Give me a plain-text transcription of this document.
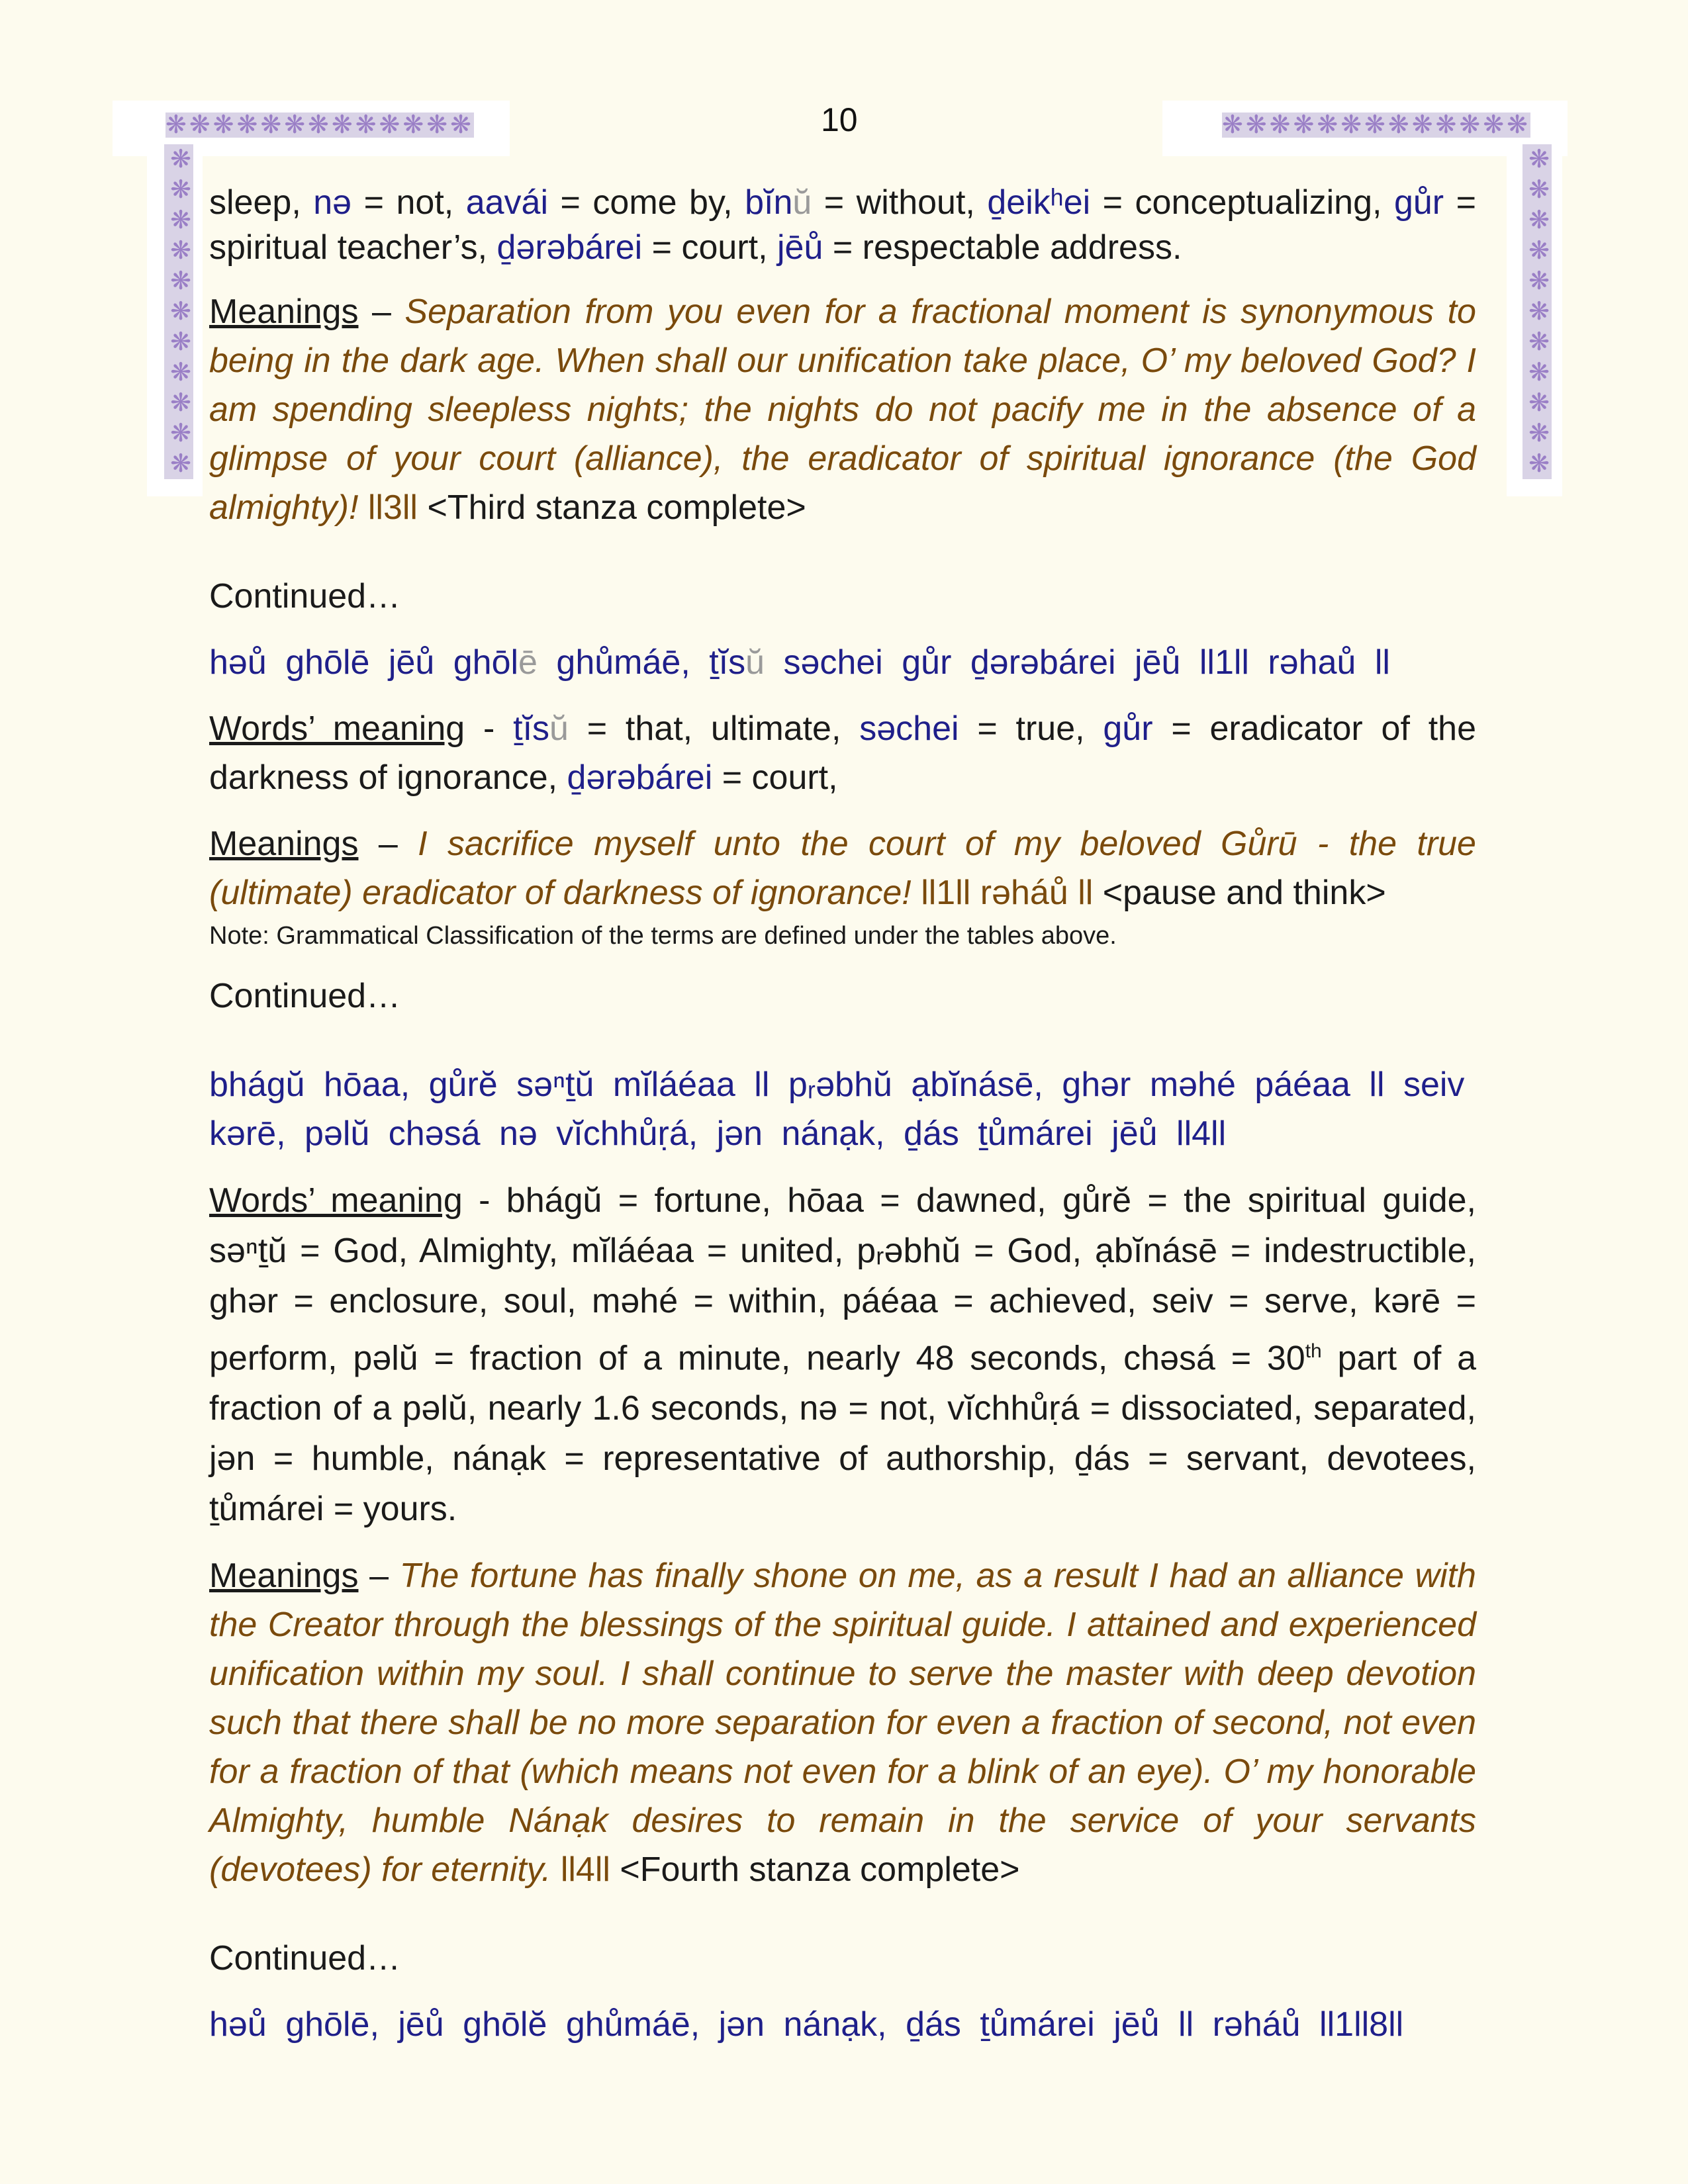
❋❋❋❋❋❋❋❋❋❋❋❋❋	❋❋❋❋❋❋❋❋❋❋❋❋❋
❋❋❋❋❋❋❋❋❋❋❋	❋❋❋❋❋❋❋❋❋❋❋
10

sleep, nə = not, aavái = come by, bĭnŭ = without, ḏeikʰei = conceptualizing, gůr = spiritual teacher’s, ḏərəbárei = court, jēů = respectable address.

Meanings – Separation from you even for a fractional moment is synonymous to being in the dark age. When shall our unification take place, O’ my beloved God? I am spending sleepless nights; the nights do not pacify me in the absence of a glimpse of your court (alliance), the eradicator of spiritual ignorance (the God almighty)! ll3ll <Third stanza complete>

Continued…

həů ghōlē jēů ghōlē ghůmáē, ṯĭsŭ səchei gůr ḏərəbárei jēů ll1ll rəhaů ll

Words’ meaning - ṯĭsŭ = that, ultimate, səchei = true, gůr = eradicator of the darkness of ignorance, ḏərəbárei = court,

Meanings – I sacrifice myself unto the court of my beloved Gůrū - the true (ultimate) eradicator of darkness of ignorance! ll1ll rəháů ll <pause and think>

Note: Grammatical Classification of the terms are defined under the tables above.

Continued…

bhágŭ hōaa, gůrĕ səⁿṯŭ mĭláéaa ll pᵣəbhŭ ạbĭnásē, ghər məhé páéaa ll seiv

kərē, pəlŭ chəsá nə vĭchhůṛá, jən nánạk, ḏás ṯůmárei jēů ll4ll

Words’ meaning - bhágŭ = fortune, hōaa = dawned, gůrĕ = the spiritual guide, səⁿṯŭ = God, Almighty, mĭláéaa = united, pᵣəbhŭ = God, ạbĭnásē = indestructible, ghər = enclosure, soul, məhé = within, páéaa = achieved, seiv = serve, kərē = perform, pəlŭ = fraction of a minute, nearly 48 seconds, chəsá = 30th part of a fraction of a pəlŭ, nearly 1.6 seconds, nə = not, vĭchhůṛá = dissociated, separated, jən = humble, nánạk = representative of authorship, ḏás = servant, devotees, ṯůmárei = yours.

Meanings – The fortune has finally shone on me, as a result I had an alliance with the Creator through the blessings of the spiritual guide. I attained and experienced unification within my soul. I shall continue to serve the master with deep devotion such that there shall be no more separation for even a fraction of second, not even for a fraction of that (which means not even for a blink of an eye). O’ my honorable Almighty, humble Nánạk desires to remain in the service of your servants (devotees) for eternity. ll4ll <Fourth stanza complete>

Continued…

həů ghōlē, jēů ghōlĕ ghůmáē, jən nánạk, ḏás ṯůmárei jēů ll rəháů ll1ll8ll
